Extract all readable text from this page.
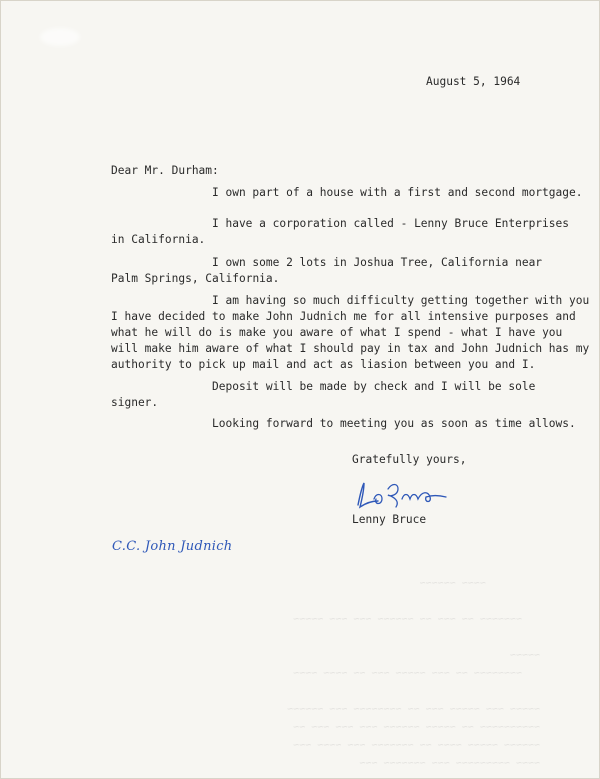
August 5, 1964
Dear Mr. Durham:
I own part of a house with a first and second mortgage.
I have a corporation called - Lenny Bruce Enterprises
in California.
I own some 2 lots in Joshua Tree, California near
Palm Springs, California.
I am having so much difficulty getting together with you
I have decided to make John Judnich me for all intensive purposes and
what he will do is make you aware of what I spend - what I have you
will make him aware of what I should pay in tax and John Judnich has my
authority to pick up mail and act as liasion between you and I.
Deposit will be made by check and I will be sole
signer.
Looking forward to meeting you as soon as time allows.
Gratefully yours,
Lenny Bruce
C.C. John Judnich
~~~~ ~~~~~~
~~~~~~~ ~~ ~~~ ~~ ~~~~~~ ~~~ ~~~ ~~~~~
~~~~~
~~~~~~~~ ~~ ~~~ ~~~~~ ~~~ ~~ ~~~~ ~~~~
~~~~~ ~~~ ~~~~~ ~~~ ~~ ~~~~~~~~ ~~~ ~~~~~~
~~~~~~~~~~ ~~ ~~~~~ ~~~~~~ ~~~ ~~~ ~~~ ~~
~~~~~~ ~~~~~ ~~~~ ~~ ~~~~~~~ ~~~ ~~~~ ~~~
~~~~ ~~~~~~~~~ ~~~ ~~~~~~~ ~~~
